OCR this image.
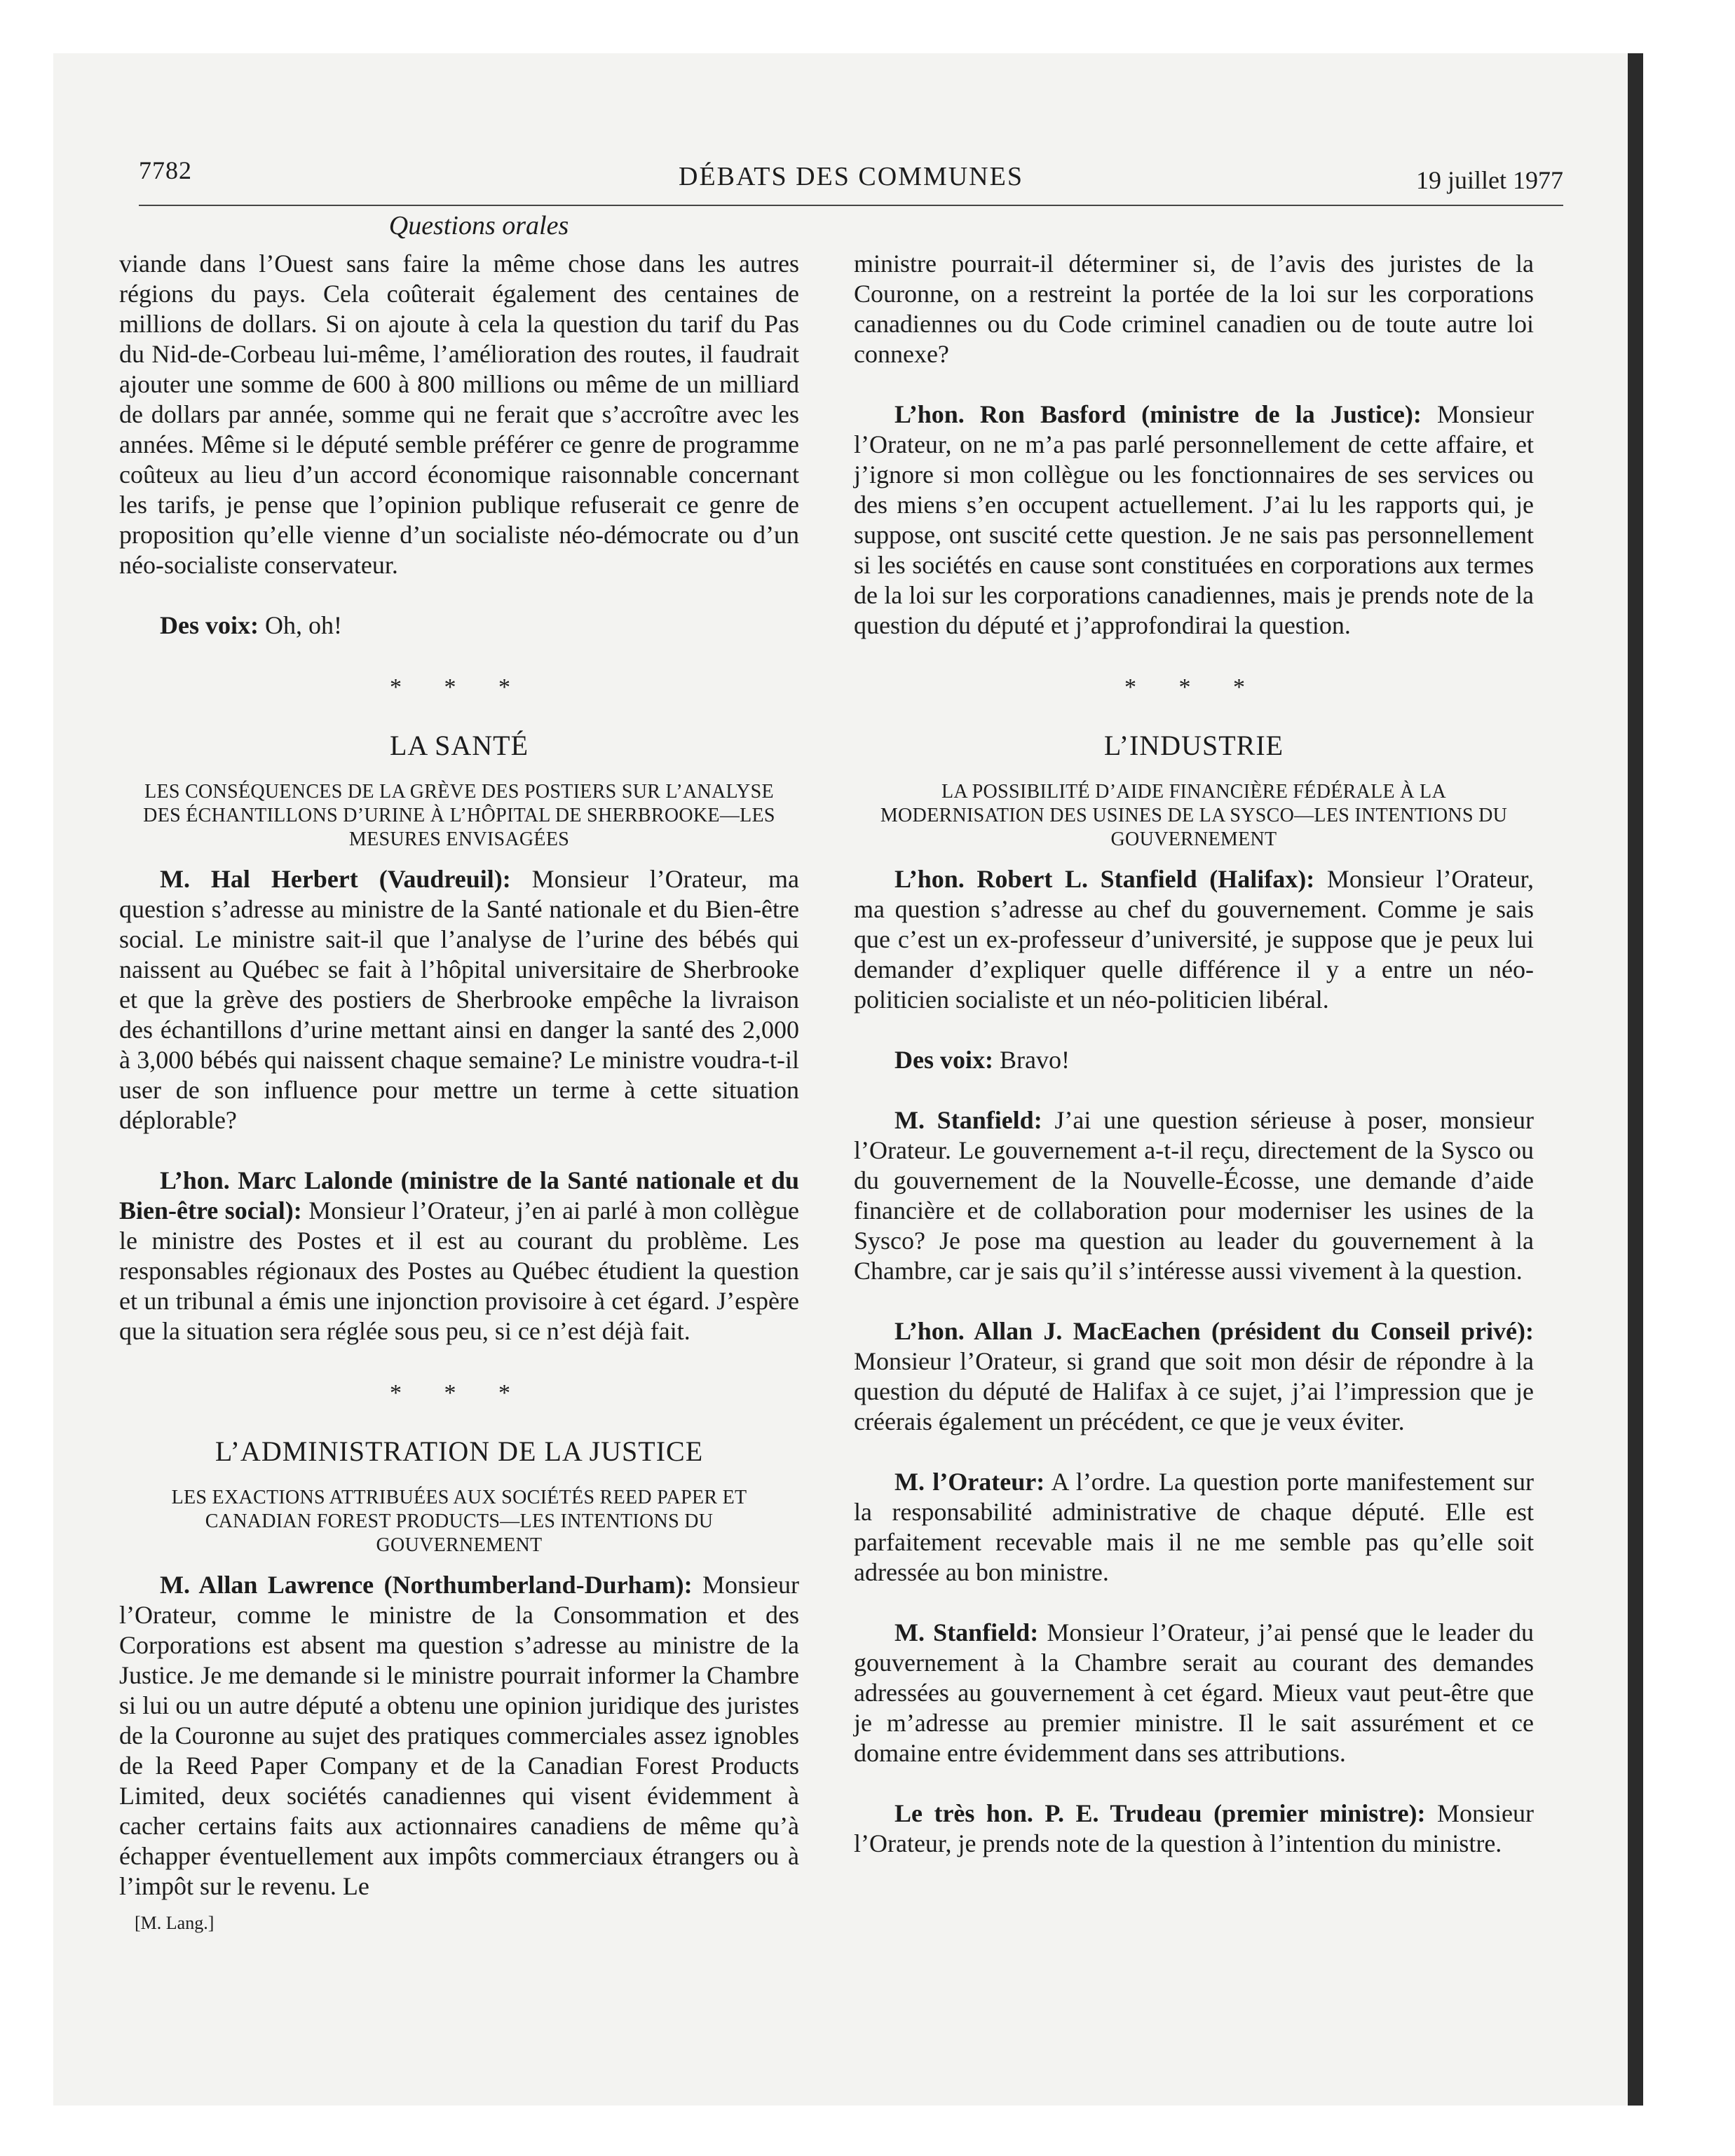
7782	DÉBATS DES COMMUNES	19 juillet 1977
Questions orales

viande dans l’Ouest sans faire la même chose dans les autres régions du pays. Cela coûterait également des centaines de millions de dollars. Si on ajoute à cela la question du tarif du Pas du Nid-de-Corbeau lui-même, l’amélioration des routes, il faudrait ajouter une somme de 600 à 800 millions ou même de un milliard de dollars par année, somme qui ne ferait que s’accroître avec les années. Même si le député semble préférer ce genre de programme coûteux au lieu d’un accord économique raisonnable concernant les tarifs, je pense que l’opinion publique refuserait ce genre de proposition qu’elle vienne d’un socialiste néo-démocrate ou d’un néo-socialiste conservateur.

Des voix: Oh, oh!

* * *
LA SANTÉ
LES CONSÉQUENCES DE LA GRÈVE DES POSTIERS SUR L’ANALYSE DES ÉCHANTILLONS D’URINE À L’HÔPITAL DE SHERBROOKE—LES MESURES ENVISAGÉES

M. Hal Herbert (Vaudreuil): Monsieur l’Orateur, ma question s’adresse au ministre de la Santé nationale et du Bien-être social. Le ministre sait-il que l’analyse de l’urine des bébés qui naissent au Québec se fait à l’hôpital universitaire de Sherbrooke et que la grève des postiers de Sherbrooke empêche la livraison des échantillons d’urine mettant ainsi en danger la santé des 2,000 à 3,000 bébés qui naissent chaque semaine? Le ministre voudra-t-il user de son influence pour mettre un terme à cette situation déplorable?

L’hon. Marc Lalonde (ministre de la Santé nationale et du Bien-être social): Monsieur l’Orateur, j’en ai parlé à mon collègue le ministre des Postes et il est au courant du problème. Les responsables régionaux des Postes au Québec étudient la question et un tribunal a émis une injonction provisoire à cet égard. J’espère que la situation sera réglée sous peu, si ce n’est déjà fait.

* * *
L’ADMINISTRATION DE LA JUSTICE
LES EXACTIONS ATTRIBUÉES AUX SOCIÉTÉS REED PAPER ET CANADIAN FOREST PRODUCTS—LES INTENTIONS DU GOUVERNEMENT

M. Allan Lawrence (Northumberland-Durham): Monsieur l’Orateur, comme le ministre de la Consommation et des Corporations est absent ma question s’adresse au ministre de la Justice. Je me demande si le ministre pourrait informer la Chambre si lui ou un autre député a obtenu une opinion juridique des juristes de la Couronne au sujet des pratiques commerciales assez ignobles de la Reed Paper Company et de la Canadian Forest Products Limited, deux sociétés canadiennes qui visent évidemment à cacher certains faits aux actionnaires canadiens de même qu’à échapper éventuellement aux impôts commerciaux étrangers ou à l’impôt sur le revenu. Le

[M. Lang.]

ministre pourrait-il déterminer si, de l’avis des juristes de la Couronne, on a restreint la portée de la loi sur les corporations canadiennes ou du Code criminel canadien ou de toute autre loi connexe?

L’hon. Ron Basford (ministre de la Justice): Monsieur l’Orateur, on ne m’a pas parlé personnellement de cette affaire, et j’ignore si mon collègue ou les fonctionnaires de ses services ou des miens s’en occupent actuellement. J’ai lu les rapports qui, je suppose, ont suscité cette question. Je ne sais pas personnellement si les sociétés en cause sont constituées en corporations aux termes de la loi sur les corporations canadiennes, mais je prends note de la question du député et j’approfondirai la question.

* * *
L’INDUSTRIE
LA POSSIBILITÉ D’AIDE FINANCIÈRE FÉDÉRALE À LA MODERNISATION DES USINES DE LA SYSCO—LES INTENTIONS DU GOUVERNEMENT

L’hon. Robert L. Stanfield (Halifax): Monsieur l’Orateur, ma question s’adresse au chef du gouvernement. Comme je sais que c’est un ex-professeur d’université, je suppose que je peux lui demander d’expliquer quelle différence il y a entre un néo-politicien socialiste et un néo-politicien libéral.

Des voix: Bravo!

M. Stanfield: J’ai une question sérieuse à poser, monsieur l’Orateur. Le gouvernement a-t-il reçu, directement de la Sysco ou du gouvernement de la Nouvelle-Écosse, une demande d’aide financière et de collaboration pour moderniser les usines de la Sysco? Je pose ma question au leader du gouvernement à la Chambre, car je sais qu’il s’intéresse aussi vivement à la question.

L’hon. Allan J. MacEachen (président du Conseil privé): Monsieur l’Orateur, si grand que soit mon désir de répondre à la question du député de Halifax à ce sujet, j’ai l’impression que je créerais également un précédent, ce que je veux éviter.

M. l’Orateur: A l’ordre. La question porte manifestement sur la responsabilité administrative de chaque député. Elle est parfaitement recevable mais il ne me semble pas qu’elle soit adressée au bon ministre.

M. Stanfield: Monsieur l’Orateur, j’ai pensé que le leader du gouvernement à la Chambre serait au courant des demandes adressées au gouvernement à cet égard. Mieux vaut peut-être que je m’adresse au premier ministre. Il le sait assurément et ce domaine entre évidemment dans ses attributions.

Le très hon. P. E. Trudeau (premier ministre): Monsieur l’Orateur, je prends note de la question à l’intention du ministre.
